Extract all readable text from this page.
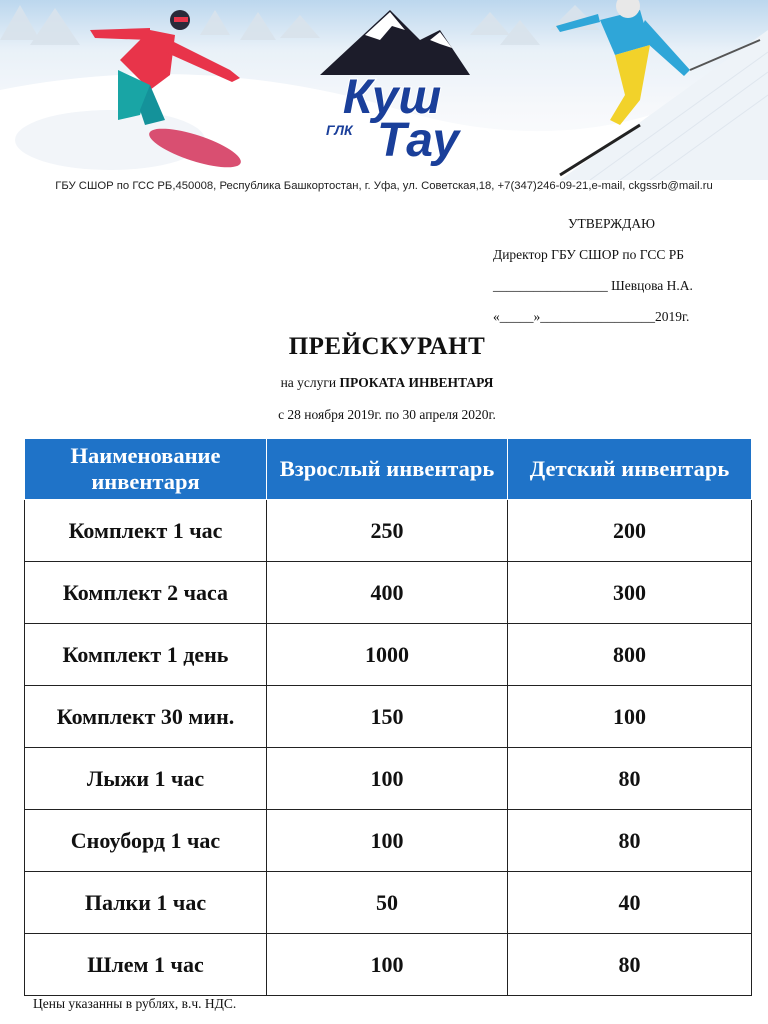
Куш
Тау
ГЛК
ГБУ СШОР по ГСС РБ,450008, Республика Башкортостан, г. Уфа, ул. Советская,18, +7(347)246-09-21,e-mail, ckgssrb@mail.ru
УТВЕРЖДАЮ
Директор ГБУ СШОР по ГСС РБ
_________________ Шевцова Н.А.
«_____»_________________2019г.
ПРЕЙСКУРАНТ
на услуги ПРОКАТА ИНВЕНТАРЯ
с 28 ноября 2019г. по 30 апреля 2020г.
Наименование инвентаря	Взрослый инвентарь	Детский инвентарь
Комплект 1 час	250	200
Комплект 2 часа	400	300
Комплект 1 день	1000	800
Комплект 30 мин.	150	100
Лыжи 1 час	100	80
Сноуборд 1 час	100	80
Палки 1 час	50	40
Шлем 1 час	100	80
Цены указанны в рублях, в.ч. НДС.
